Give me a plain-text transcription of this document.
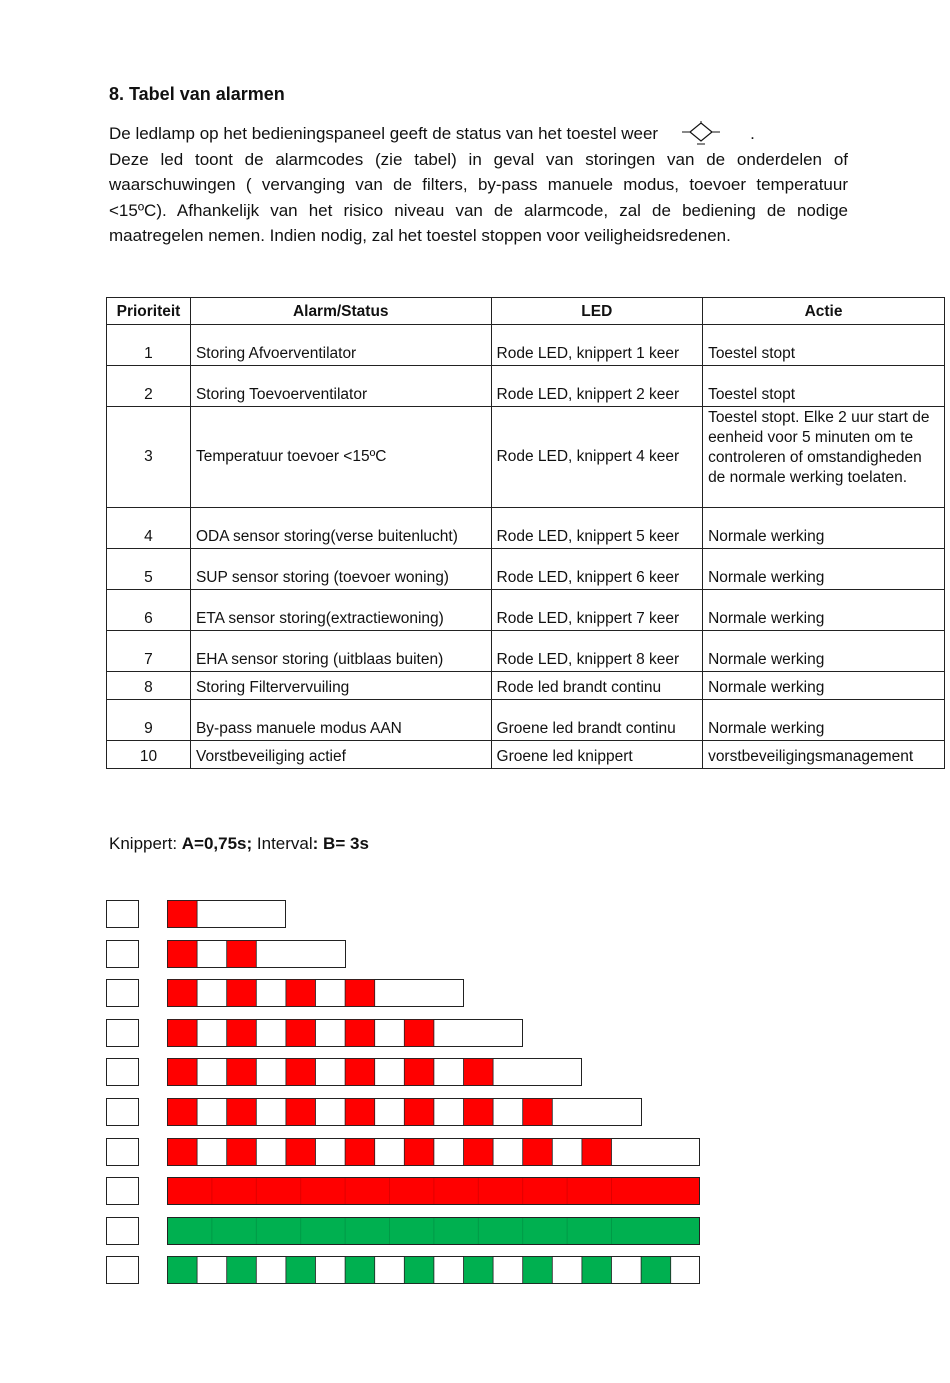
8. Tabel van alarmen

De ledlamp op het bedieningspaneel geeft de status van het toestel weer	.
Deze led toont de alarmcodes (zie tabel) in geval van storingen van de onderdelen of waarschuwingen ( vervanging van de filters, by-pass manuele modus, toevoer temperatuur <15ºC). Afhankelijk van het risico niveau van de alarmcode, zal de bediening de nodige maatregelen nemen. Indien nodig, zal het toestel stoppen voor veiligheidsredenen.

Prioriteit	Alarm/Status	LED	Actie
1	Storing Afvoerventilator	Rode LED, knippert 1 keer	Toestel stopt
2	Storing Toevoerventilator	Rode LED, knippert 2 keer	Toestel stopt
3	Temperatuur toevoer <15ºC	Rode LED, knippert 4 keer	Toestel stopt. Elke 2 uur start de eenheid voor 5 minuten om te controleren of omstandigheden de normale werking toelaten.
4	ODA sensor storing(verse buitenlucht)	Rode LED, knippert 5 keer	Normale werking
5	SUP sensor storing (toevoer woning)	Rode LED, knippert 6 keer	Normale werking
6	ETA sensor storing(extractiewoning)	Rode LED, knippert 7 keer	Normale werking
7	EHA sensor storing (uitblaas buiten)	Rode LED, knippert 8 keer	Normale werking
8	Storing Filtervervuiling	Rode led brandt continu	Normale werking
9	By-pass manuele modus AAN	Groene led brandt continu	Normale werking
10	Vorstbeveiliging actief	Groene led knippert	vorstbeveiligingsmanagement

Knippert: A=0,75s; Interval: B= 3s
